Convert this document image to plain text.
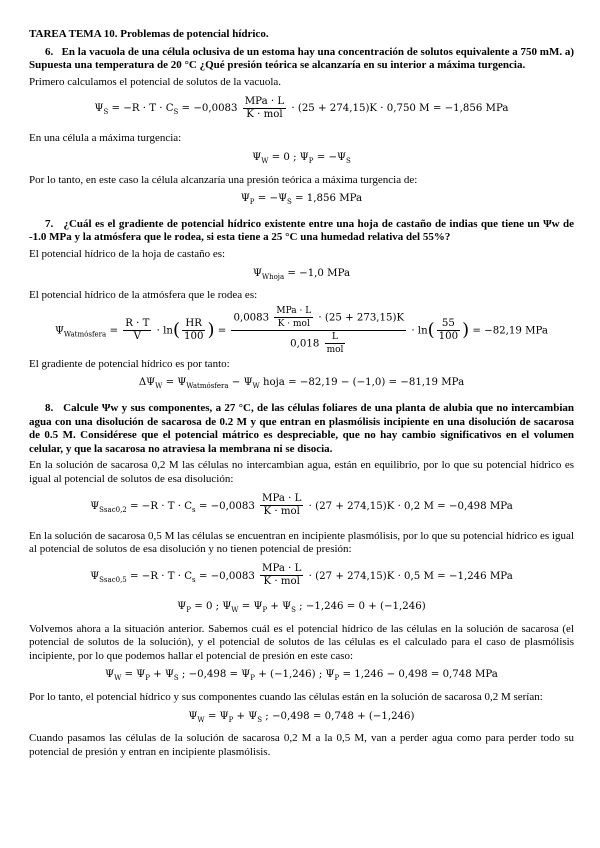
TAREA TEMA 10. Problemas de potencial hídrico.
6. En la vacuola de una célula oclusiva de un estoma hay una concentración de solutos equivalente a 750 mM. a) Supuesta una temperatura de 20 °C ¿Qué presión teórica se alcanzaría en su interior a máxima turgencia.
Primero calculamos el potencial de solutos de la vacuola.
$\Psi_S = -R \cdot T \cdot C_S = -0,0083 \frac{\text{MPa · L}}{\text{K · mol}} \cdot (25 + 274,15)K \cdot 0,750$ M = −1,856 MPa
En una célula a máxima turgencia:
$\Psi_W = 0$ ; $\Psi_P = -\Psi_S$
Por lo tanto, en este caso la célula alcanzaría una presión teórica a máxima turgencia de:
$\Psi_P = -\Psi_S = 1,856$ MPa
7. ¿Cuál es el gradiente de potencial hídrico existente entre una hoja de castaño de indias que tiene un Ψw de -1.0 MPa y la atmósfera que le rodea, si esta tiene a 25 °C una humedad relativa del 55%?
El potencial hídrico de la hoja de castaño es:
$\Psi_{Whoja} = -1,0$ MPa
El potencial hídrico de la atmósfera que le rodea es:
$\Psi_{Watmósfera} = \frac{R \cdot T}{V} \cdot \ln( \frac{HR}{100}$ ) = $\frac{0,0083 \frac{\text{MPa · L}}{\text{K · mol}} \cdot (25 + 273,15)K}{0,018 \frac{L}{\text{mol}}} \cdot \ln( \frac{55}{100}$ ) = −82,19 MPa
El gradiente de potencial hídrico es por tanto:
$\Delta\Psi_W = \Psi_{Watmósfera} - \Psi_W$ hoja = −82,19 − (−1,0) = −81,19 MPa
8. Calcule Ψw y sus componentes, a 27 °C, de las células foliares de una planta de alubia que no intercambian agua con una disolución de sacarosa de 0.2 M y que entran en plasmólisis incipiente en una disolución de sacarosa de 0.5 M. Considérese que el potencial mátrico es despreciable, que no hay cambio significativos en el volumen celular, y que la sacarosa no atraviesa la membrana ni se disocia.
En la solución de sacarosa 0,2 M las células no intercambian agua, están en equilibrio, por lo que su potencial hídrico es igual al potencial de solutos de esa disolución:
$\Psi_{Ssac0,2} = -R \cdot T \cdot C_s = -0,0083 \frac{\text{MPa · L}}{\text{K · mol}} \cdot (27 + 274,15)K \cdot 0,2$ M = −0,498 MPa
En la solución de sacarosa 0,5 M las células se encuentran en incipiente plasmólisis, por lo que su potencial hídrico es igual al potencial de solutos de esa disolución y no tienen potencial de presión:
$\Psi_{Ssac0,5} = -R \cdot T \cdot C_s = -0,0083 \frac{\text{MPa · L}}{\text{K · mol}} \cdot (27 + 274,15)K \cdot 0,5$ M = −1,246 MPa
$\Psi_P = 0$ ; $\Psi_W = \Psi_P + \Psi_S$ ; −1,246 = 0 + (−1,246)
Volvemos ahora a la situación anterior. Sabemos cuál es el potencial hídrico de las células en la solución de sacarosa (el potencial de solutos de la solución), y el potencial de solutos de las células es el calculado para el caso de plasmólisis incipiente, por lo que podemos hallar el potencial de presión en este caso:
$\Psi_W = \Psi_P + \Psi_S$ ; $-0,498 = \Psi_P + (-1,246)$ ; $\Psi_P = 1,246 - 0,498 = 0,748$ MPa
Por lo tanto, el potencial hídrico y sus componentes cuando las células están en la solución de sacarosa 0,2 M serían:
$\Psi_W = \Psi_P + \Psi_S$ ; −0,498 = 0,748 + (−1,246)
Cuando pasamos las células de la solución de sacarosa 0,2 M a la 0,5 M, van a perder agua como para perder todo su potencial de presión y entran en incipiente plasmólisis.
